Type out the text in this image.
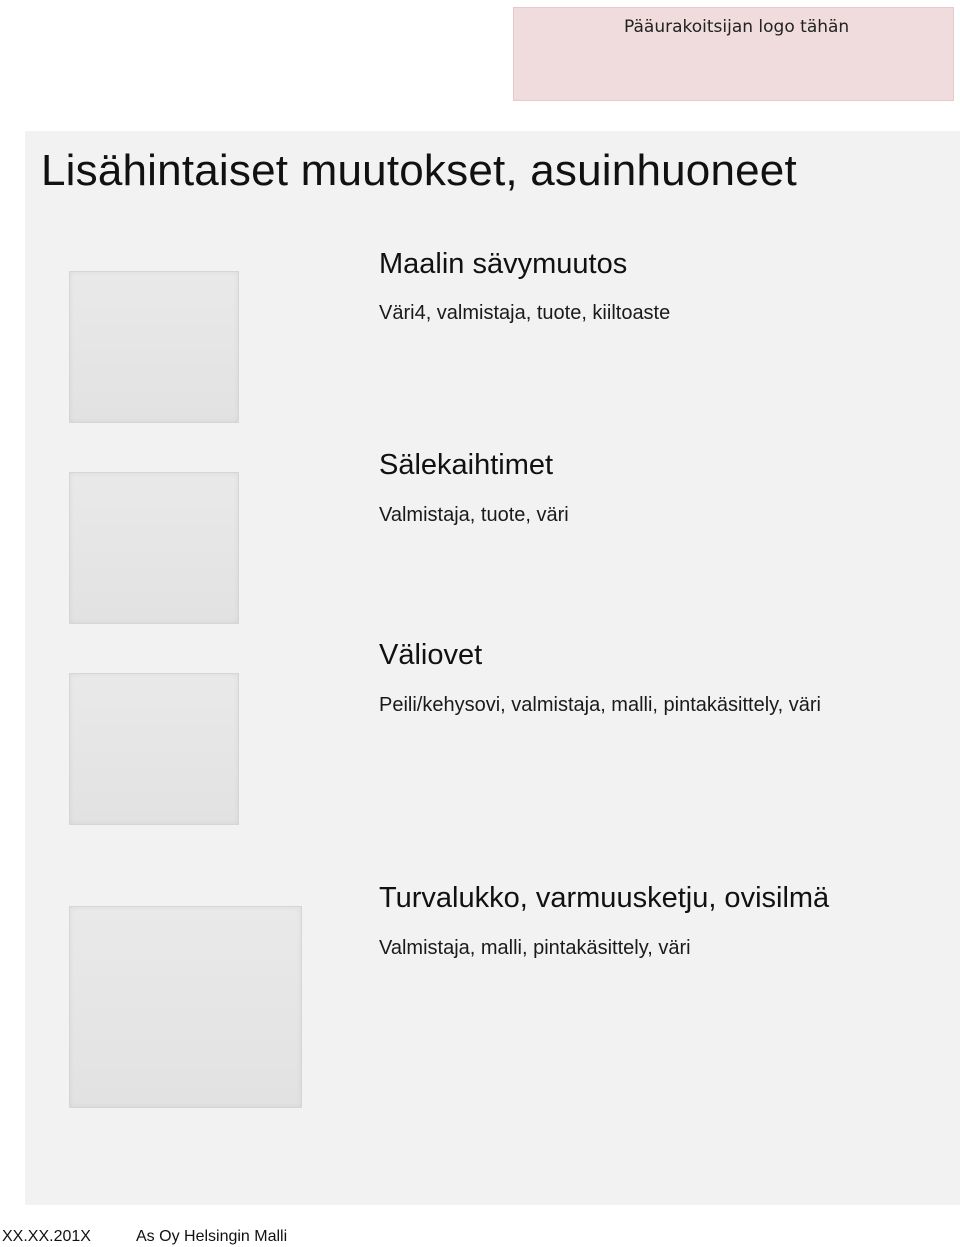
Pääurakoitsijan logo tähän
Lisähintaiset muutokset, asuinhuoneet
Maalin sävymuutos
Väri4, valmistaja, tuote, kiiltoaste
Sälekaihtimet
Valmistaja, tuote, väri
Väliovet
Peili/kehysovi, valmistaja, malli, pintakäsittely, väri
Turvalukko, varmuusketju, ovisilmä
Valmistaja, malli, pintakäsittely, väri
XX.XX.201X	As Oy Helsingin Malli
